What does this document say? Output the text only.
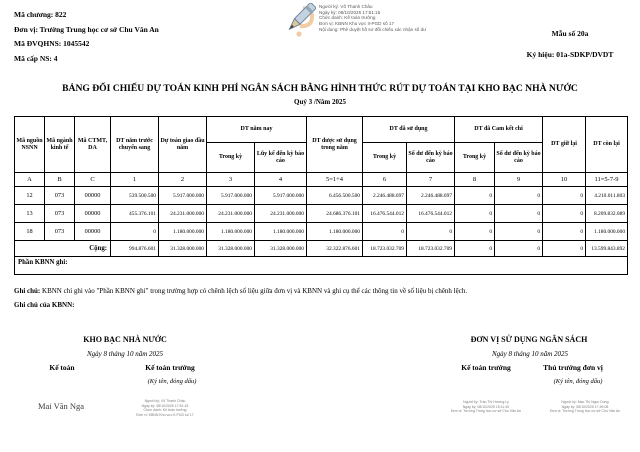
Mã chương: 822
Đơn vị: Trường Trung học cơ sở Chu Văn An
Mã ĐVQHNS: 1045542
Mã cấp NS: 4
Người ký: Võ Thanh Châu
Ngày ký: 08/10/2025 17:51:15
Chức danh: Kế toán trưởng
Đơn vị: KBNN Khu vực II-PGD số 17
Nội dung: Phê duyệt hồ sơ đối chiếu xác nhận số dư	Mẫu số 20a
Ký hiệu: 01a-SDKP/DVDT
BẢNG ĐỐI CHIẾU DỰ TOÁN KINH PHÍ NGÂN SÁCH BẰNG HÌNH THỨC RÚT DỰ TOÁN TẠI KHO BẠC NHÀ NƯỚC
Quý 3 /Năm 2025
Mã nguồn NSNN	Mã ngành kinh tế	Mã CTMT, DA	DT năm trước chuyển sang	Dự toán giao đầu năm	DT năm nay		DT được sử dụng trong năm	DT đã sử dụng		DT đã Cam kết chi		DT giữ lại	DT còn lại
					Trong kỳ	Lũy kế đến kỳ báo cáo		Trong kỳ	Số dư đến kỳ báo cáo	Trong kỳ	Số dư đến kỳ báo cáo		
A	B	C	1	2	3	4	5=1+4	6	7	8	9	10	11=5-7-9
12	073	00000	539.500.500	5.917.000.000	5.917.000.000	5.917.000.000	6.456.500.500	2.246.488.697	2.246.488.697	0	0	0	4.210.011.803
13	073	00000	455.376.101	24.231.000.000	24.231.000.000	24.231.000.000	24.686.376.101	16.476.544.012	16.476.544.012	0	0	0	8.209.832.089
18	073	00000	0	1.180.000.000	1.180.000.000	1.180.000.000	1.180.000.000	0	0	0	0	0	1.180.000.000
Cộng:			994.876.601	31.328.000.000	31.328.000.000	31.328.000.000	32.322.876.601	18.723.032.709	18.723.032.709	0	0	0	13.599.843.892
Phần KBNN ghi:													
Ghi chú: KBNN chỉ ghi vào "Phần KBNN ghi" trong trường hợp có chênh lệch số liệu giữa đơn vị và KBNN và ghi cụ thể các thông tin về số liệu bị chênh lệch.
Ghi chú của KBNN:
KHO BẠC NHÀ NƯỚC
Ngày 8 tháng 10 năm 2025
Kế toán	Kế toán trưởng
(Ký tên, đóng dấu)
Mai Văn Nga	Người ký: Võ Thanh Châu
Ngày ký: 08/10/2025 17:51:15
Chức danh: Kế toán trưởng
Đơn vị: KBNN Khu vực II-PGD số 17
ĐƠN VỊ SỬ DỤNG NGÂN SÁCH
Ngày 8 tháng 10 năm 2025
Kế toán trưởng	Thủ trưởng đơn vị
(Ký tên, đóng dấu)
Người ký: Trần Thị Hương Ly
Ngày ký: 08/10/2025 15:11:40
Đơn vị: Trường Trung học cơ sở Chu Văn An
Người ký: Mạc Thị Ngọc Dung
Ngày ký: 08/10/2025 17:49:08
Đơn vị: Trường Trung học cơ sở Chu Văn An
